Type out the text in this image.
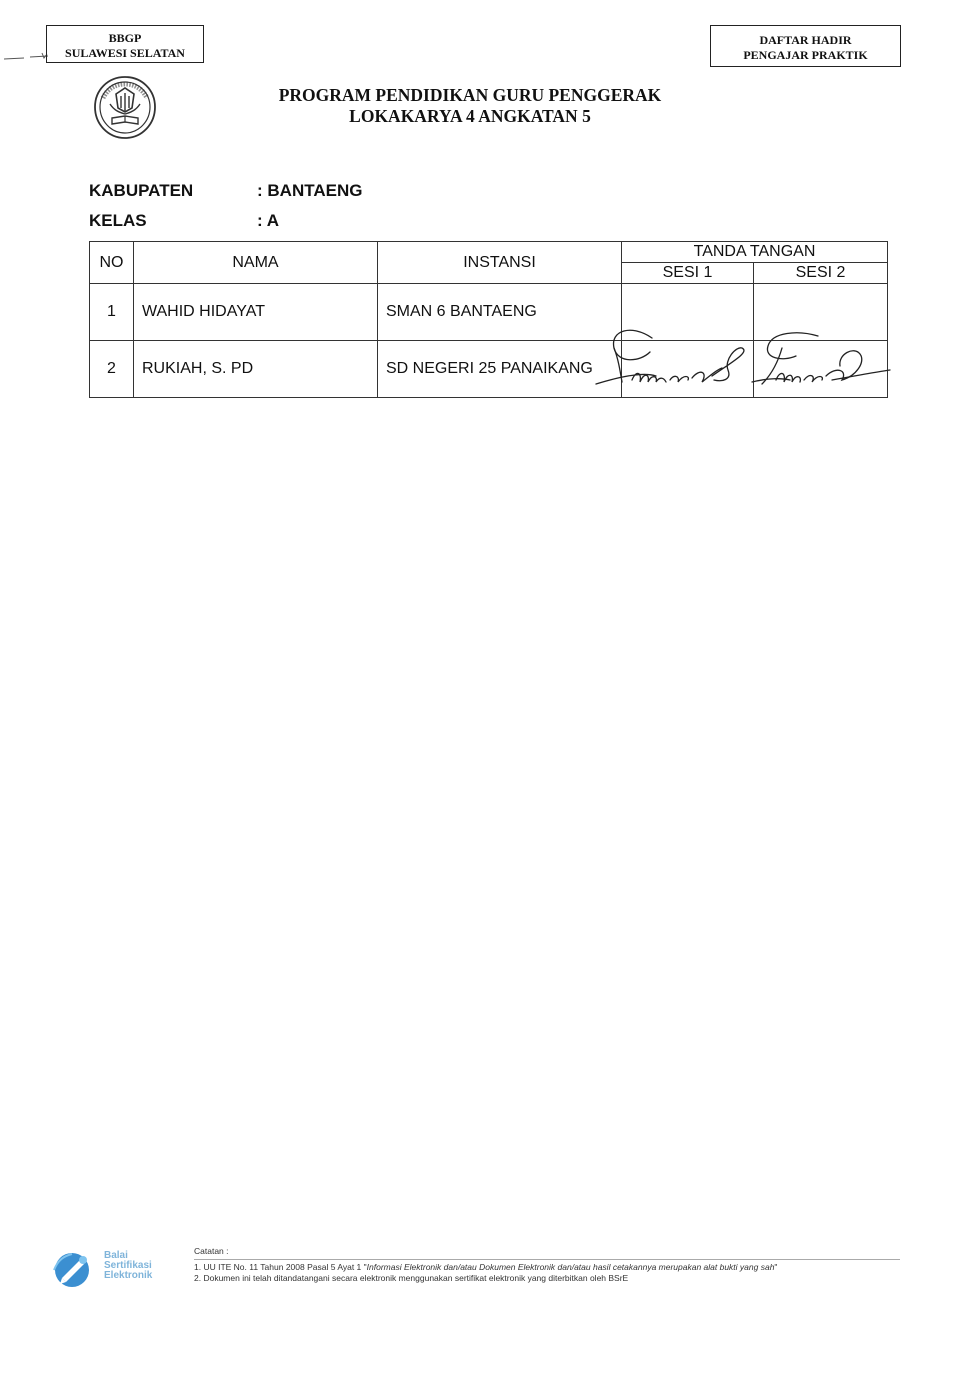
BBGP
SULAWESI SELATAN
DAFTAR HADIR
PENGAJAR PRAKTIK
PROGRAM PENDIDIKAN GURU PENGGERAK
LOKAKARYA 4 ANGKATAN 5
KABUPATEN	: BANTAENG
KELAS	: A
NO	NAMA	INSTANSI	TANDA TANGAN	
			SESI 1	SESI 2
1	WAHID HIDAYAT	SMAN 6 BANTAENG		
2	RUKIAH, S. PD	SD NEGERI 25 PANAIKANG		
Balai
Sertifikasi
Elektronik
Catatan :
1. UU ITE No. 11 Tahun 2008 Pasal 5 Ayat 1 "Informasi Elektronik dan/atau Dokumen Elektronik dan/atau hasil cetakannya merupakan alat bukti yang sah"
2. Dokumen ini telah ditandatangani secara elektronik menggunakan sertifikat elektronik yang diterbitkan oleh BSrE
